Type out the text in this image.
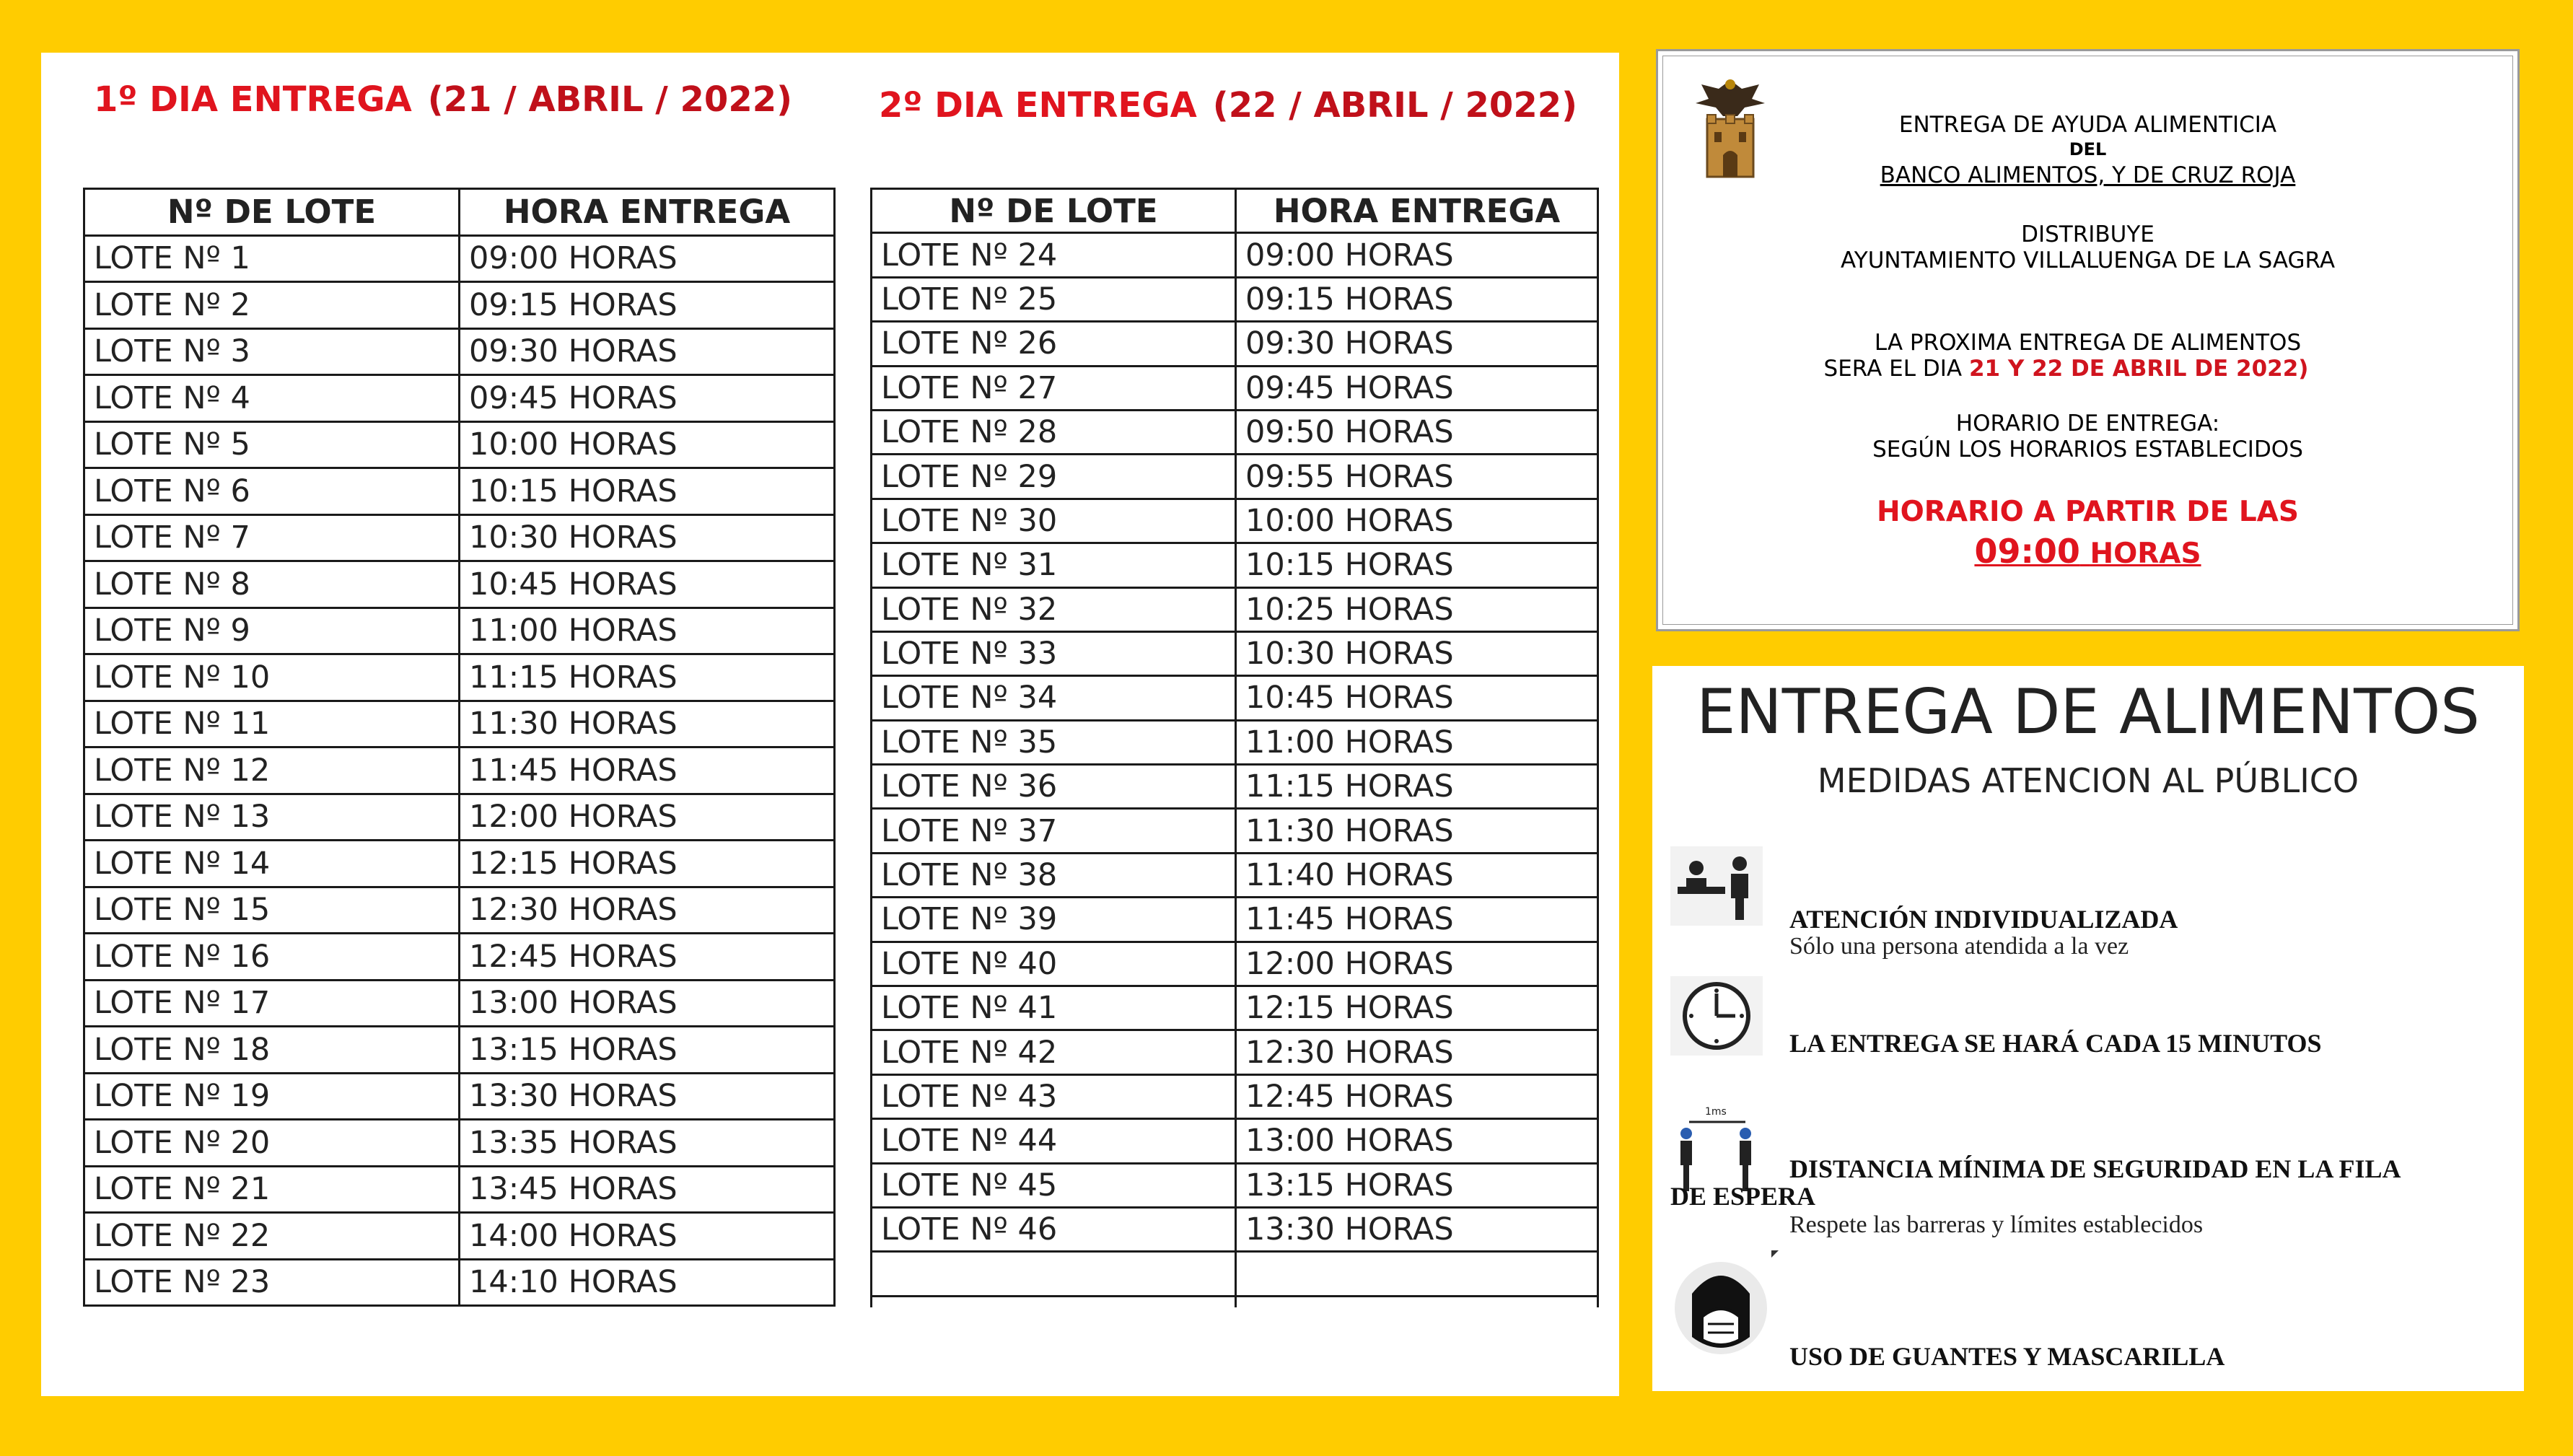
1º DIA ENTREGA (21 / ABRIL / 2022) 2º DIA ENTREGA (22 / ABRIL / 2022)
Nº DE LOTE	HORA ENTREGA
LOTE Nº 1	09:00 HORAS
LOTE Nº 2	09:15 HORAS
LOTE Nº 3	09:30 HORAS
LOTE Nº 4	09:45 HORAS
LOTE Nº 5	10:00 HORAS
LOTE Nº 6	10:15 HORAS
LOTE Nº 7	10:30 HORAS
LOTE Nº 8	10:45 HORAS
LOTE Nº 9	11:00 HORAS
LOTE Nº 10	11:15 HORAS
LOTE Nº 11	11:30 HORAS
LOTE Nº 12	11:45 HORAS
LOTE Nº 13	12:00 HORAS
LOTE Nº 14	12:15 HORAS
LOTE Nº 15	12:30 HORAS
LOTE Nº 16	12:45 HORAS
LOTE Nº 17	13:00 HORAS
LOTE Nº 18	13:15 HORAS
LOTE Nº 19	13:30 HORAS
LOTE Nº 20	13:35 HORAS
LOTE Nº 21	13:45 HORAS
LOTE Nº 22	14:00 HORAS
LOTE Nº 23	14:10 HORAS
Nº DE LOTE	HORA ENTREGA
LOTE Nº 24	09:00 HORAS
LOTE Nº 25	09:15 HORAS
LOTE Nº 26	09:30 HORAS
LOTE Nº 27	09:45 HORAS
LOTE Nº 28	09:50 HORAS
LOTE Nº 29	09:55 HORAS
LOTE Nº 30	10:00 HORAS
LOTE Nº 31	10:15 HORAS
LOTE Nº 32	10:25 HORAS
LOTE Nº 33	10:30 HORAS
LOTE Nº 34	10:45 HORAS
LOTE Nº 35	11:00 HORAS
LOTE Nº 36	11:15 HORAS
LOTE Nº 37	11:30 HORAS
LOTE Nº 38	11:40 HORAS
LOTE Nº 39	11:45 HORAS
LOTE Nº 40	12:00 HORAS
LOTE Nº 41	12:15 HORAS
LOTE Nº 42	12:30 HORAS
LOTE Nº 43	12:45 HORAS
LOTE Nº 44	13:00 HORAS
LOTE Nº 45	13:15 HORAS
LOTE Nº 46	13:30 HORAS

ENTREGA DE AYUDA ALIMENTICIA
DEL
BANCO ALIMENTOS, Y DE CRUZ ROJA
DISTRIBUYE
AYUNTAMIENTO VILLALUENGA DE LA SAGRA
LA PROXIMA ENTREGA DE ALIMENTOS
SERA EL DIA 21 Y 22 DE ABRIL DE 2022)
HORARIO DE ENTREGA:
SEGÚN LOS HORARIOS ESTABLECIDOS
HORARIO A PARTIR DE LAS
09:00 HORAS
ENTREGA DE ALIMENTOS
MEDIDAS ATENCION AL PÚBLICO
ATENCIÓN INDIVIDUALIZADA
Sólo una persona atendida a la vez
LA ENTREGA SE HARÁ CADA 15 MINUTOS
1ms
DISTANCIA MÍNIMA DE SEGURIDAD EN LA FILA
DE ESPERA
Respete las barreras y límites establecidos
USO DE GUANTES Y MASCARILLA
